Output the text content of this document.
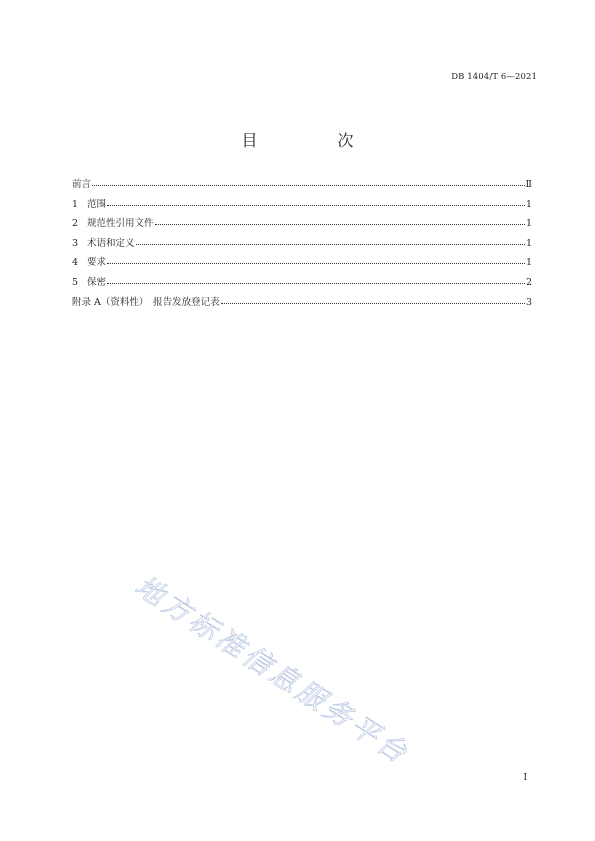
DB 1404/T 6—2021
目　次
前言	Ⅱ
1 范围	1
2 规范性引用文件	1
3 术语和定义	1
4 要求	1
5 保密	2
附录 A（资料性）　报告发放登记表	3
地方标准信息服务平台
I
